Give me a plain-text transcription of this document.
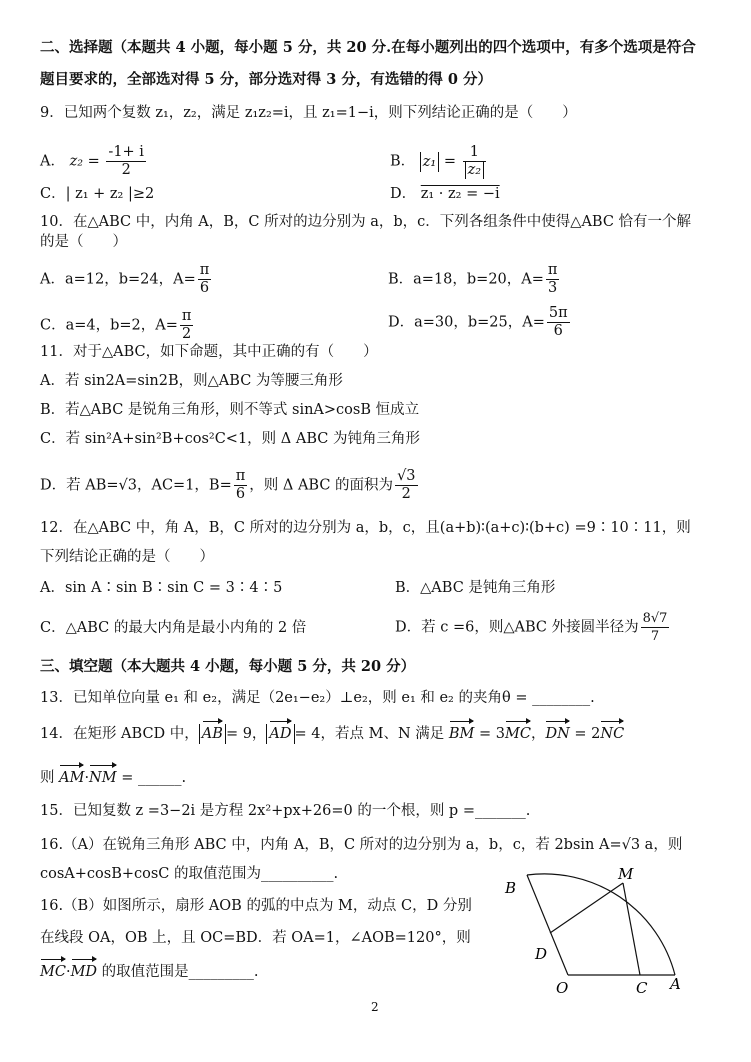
二、选择题（本题共 4 小题，每小题 5 分，共 20 分.在每小题列出的四个选项中，有多个选项是符合
题目要求的，全部选对得 5 分，部分选对得 3 分，有选错的得 0 分）
9．已知两个复数 z₁，z₂，满足 z₁z₂=i，且 z₁=1−i，则下列结论正确的是（　　）
A． $z_2 = \frac{-1+ i}{2}$	B． $z_1 = \frac{1}{\text{z₂}}$
C．| z₁ + z₂ |≥2	D． z₁ · z₂ = −i
10．在△ABC 中，内角 A，B，C 所对的边分别为 a，b，c．下列各组条件中使得△ABC 恰有一个解
的是（　　）
A．a=12，b=24，$A= \frac{\pi}{6}$	B．a=18，b=20，$A= \frac{\pi}{3}$
C．a=4，b=2，$A= \frac{\pi}{2}$	D．a=30，b=25，$A= \frac{5\pi}{6}$
11．对于△ABC，如下命题，其中正确的有（　　）
A．若 sin2A=sin2B，则△ABC 为等腰三角形
B．若△ABC 是锐角三角形，则不等式 sinA>cosB 恒成立
C．若 sin²A+sin²B+cos²C<1，则 Δ ABC 为钝角三角形
D．若 AB=√3，AC=1，$B= \frac{\pi}{6}$ ，则 Δ ABC 的面积为 $\frac{√3}{2}$
12．在△ABC 中，角 A，B，C 所对的边分别为 a，b，c，且(a+b)∶(a+c)∶(b+c) =9∶10∶11，则
下列结论正确的是（　　）
A．sin A∶sin B∶sin C = 3∶4∶5	B．△ABC 是钝角三角形
C．△ABC 的最大内角是最小内角的 2 倍	D．若 c =6，则△ABC 外接圆半径为 $\frac{8√7}{7}$
三、填空题（本大题共 4 小题，每小题 5 分，共 20 分）
13．已知单位向量 e₁ 和 e₂，满足（2e₁−e₂）⊥e₂，则 e₁ 和 e₂ 的夹角θ = ________.
14．在矩形 ABCD 中， AB = 9， AD = 4，若点 M、N 满足 BM = 3MC，DN = 2NC
则 AM·NM = ______.
15．已知复数 z =3−2i 是方程 2x²+px+26=0 的一个根，则 p =_______.
16.（A）在锐角三角形 ABC 中，内角 A，B，C 所对的边分别为 a，b，c，若 2bsin A=√3 a，则
cosA+cosB+cosC 的取值范围为__________.
16.（B）如图所示，扇形 AOB 的弧的中点为 M，动点 C，D 分别
在线段 OA，OB 上，且 OC=BD．若 OA=1，∠AOB=120°，则
MC·MD 的取值范围是_________.
B
M
D
O	C A
2
